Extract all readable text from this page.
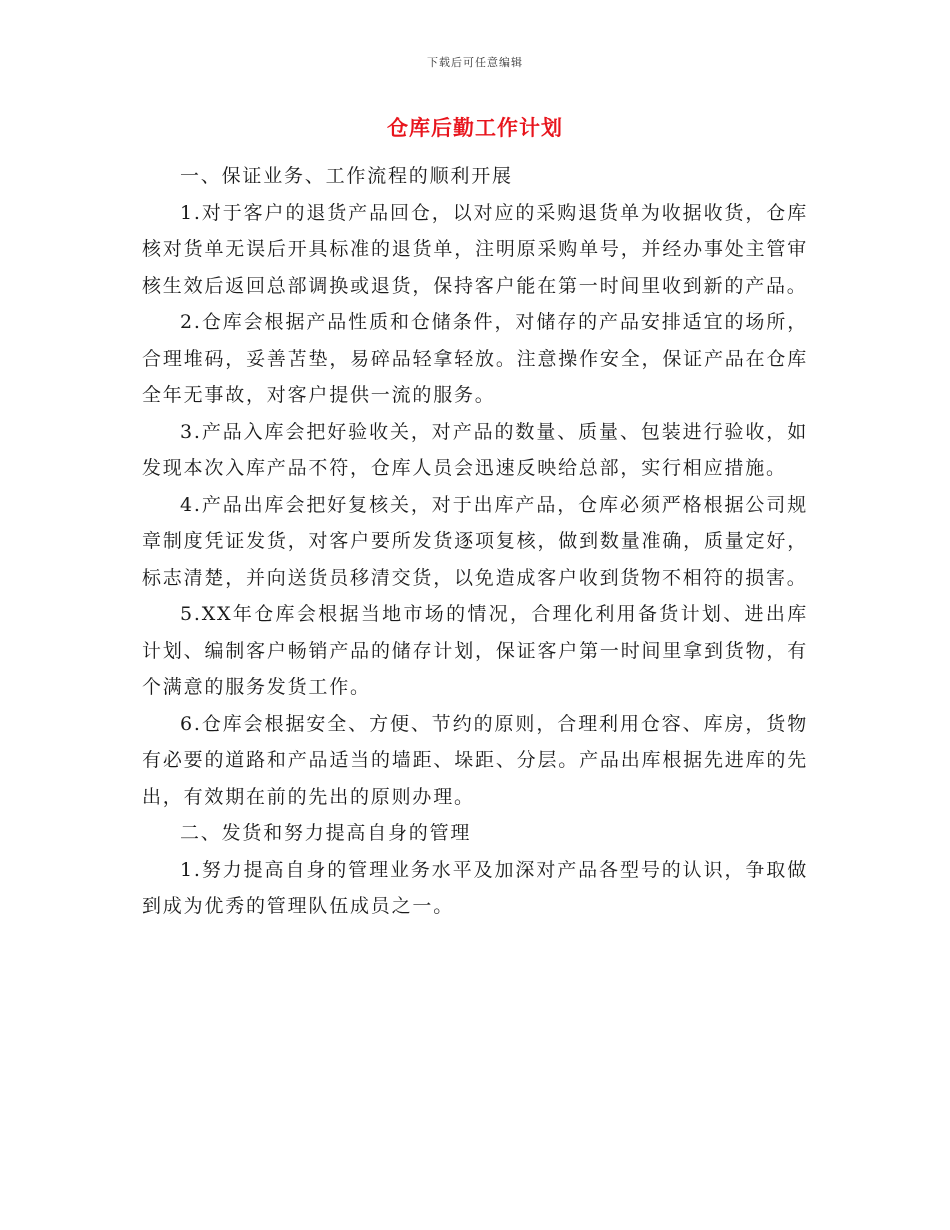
下载后可任意编辑
仓库后勤工作计划

一、保证业务、工作流程的顺利开展

1.对于客户的退货产品回仓，以对应的采购退货单为收据收货，仓库核对货单无误后开具标准的退货单，注明原采购单号，并经办事处主管审核生效后返回总部调换或退货，保持客户能在第一时间里收到新的产品。

2.仓库会根据产品性质和仓储条件，对储存的产品安排适宜的场所，合理堆码，妥善苫垫，易碎品轻拿轻放。注意操作安全，保证产品在仓库全年无事故，对客户提供一流的服务。

3.产品入库会把好验收关，对产品的数量、质量、包装进行验收，如发现本次入库产品不符，仓库人员会迅速反映给总部，实行相应措施。

4.产品出库会把好复核关，对于出库产品，仓库必须严格根据公司规章制度凭证发货，对客户要所发货逐项复核，做到数量准确，质量定好，标志清楚，并向送货员移清交货，以免造成客户收到货物不相符的损害。

5.XX年仓库会根据当地市场的情况，合理化利用备货计划、进出库计划、编制客户畅销产品的储存计划，保证客户第一时间里拿到货物，有个满意的服务发货工作。

6.仓库会根据安全、方便、节约的原则，合理利用仓容、库房，货物有必要的道路和产品适当的墙距、垛距、分层。产品出库根据先进库的先出，有效期在前的先出的原则办理。

二、发货和努力提高自身的管理

1.努力提高自身的管理业务水平及加深对产品各型号的认识，争取做到成为优秀的管理队伍成员之一。
